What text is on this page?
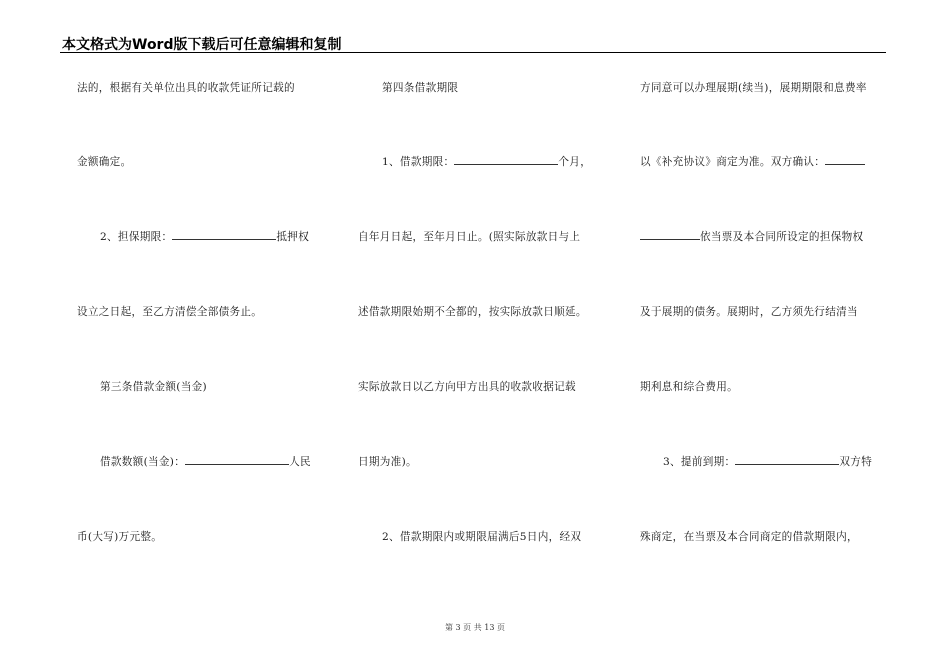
本文格式为Word版下载后可任意编辑和复制
法的，根据有关单位出具的收款凭证所记载的
金额确定。
2、担保期限：	抵押权
设立之日起，至乙方清偿全部债务止。
第三条借款金额(当金)
借款数额(当金)：	人民
币(大写)万元整。
第四条借款期限
1、借款期限：	个月，
自年月日起，至年月日止。(照实际放款日与上
述借款期限始期不全都的，按实际放款日顺延。
实际放款日以乙方向甲方出具的收款收据记载
日期为准)。
2、借款期限内或期限届满后5日内，经双
方同意可以办理展期(续当)，展期期限和息费率
以《补充协议》商定为准。双方确认：
依当票及本合同所设定的担保物权
及于展期的债务。展期时，乙方须先行结清当
期利息和综合费用。
3、提前到期：	双方特
殊商定，在当票及本合同商定的借款期限内，
第 3 页 共 13 页
